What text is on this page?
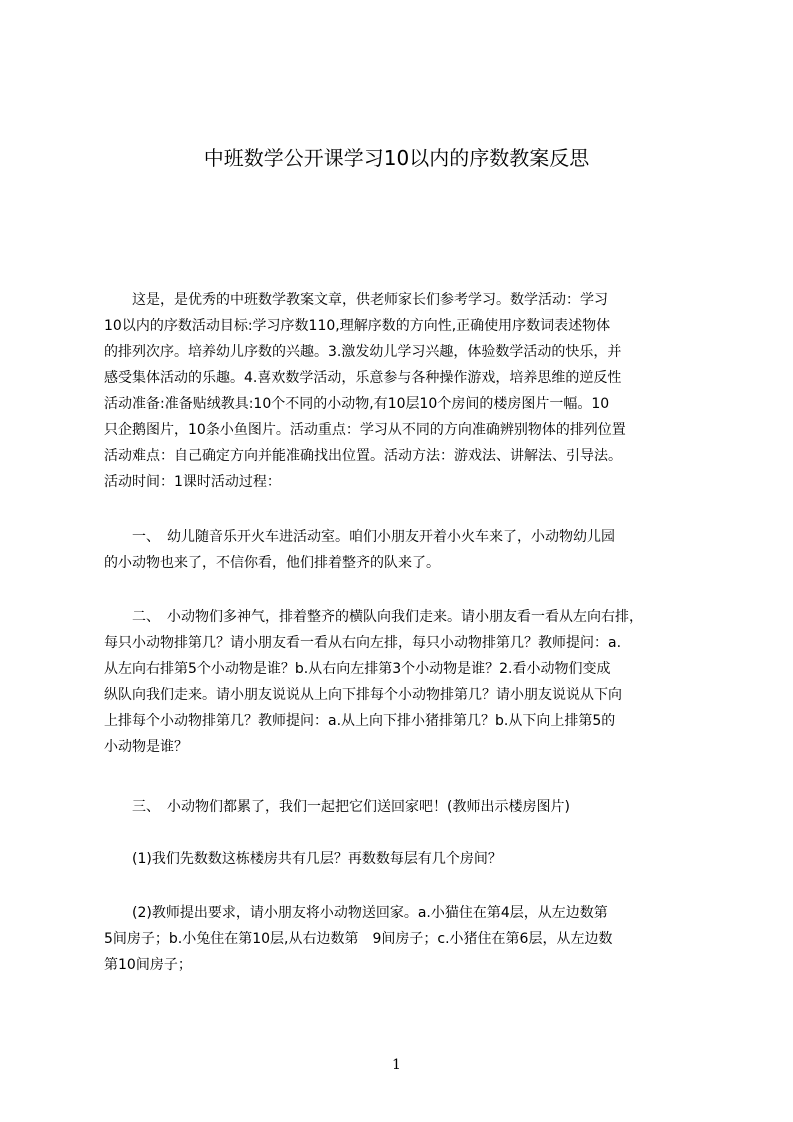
中班数学公开课学习10以内的序数教案反思
　　这是，是优秀的中班数学教案文章，供老师家长们参考学习。数学活动：学习
10以内的序数活动目标:学习序数110,理解序数的方向性,正确使用序数词表述物体
的排列次序。培养幼儿序数的兴趣。3.激发幼儿学习兴趣，体验数学活动的快乐，并
感受集体活动的乐趣。4.喜欢数学活动，乐意参与各种操作游戏，培养思维的逆反性
活动准备:准备贴绒教具:10个不同的小动物,有10层10个房间的楼房图片一幅。10
只企鹅图片，10条小鱼图片。活动重点：学习从不同的方向准确辨别物体的排列位置
活动难点：自己确定方向并能准确找出位置。活动方法：游戏法、讲解法、引导法。
活动时间：1课时活动过程：
　　一、　幼儿随音乐开火车进活动室。咱们小朋友开着小火车来了，小动物幼儿园
的小动物也来了，不信你看，他们排着整齐的队来了。
　　二、　小动物们多神气，排着整齐的横队向我们走来。请小朋友看一看从左向右排，
每只小动物排第几？请小朋友看一看从右向左排，每只小动物排第几？教师提问：a.
从左向右排第5个小动物是谁？b.从右向左排第3个小动物是谁？2.看小动物们变成
纵队向我们走来。请小朋友说说从上向下排每个小动物排第几？请小朋友说说从下向
上排每个小动物排第几？教师提问：a.从上向下排小猪排第几？b.从下向上排第5的
小动物是谁？
　　三、　小动物们都累了，我们一起把它们送回家吧！(教师出示楼房图片)
　　(1)我们先数数这栋楼房共有几层？再数数每层有几个房间？
　　(2)教师提出要求，请小朋友将小动物送回家。a.小猫住在第4层，从左边数第
5间房子；b.小兔住在第10层,从右边数第　9间房子；c.小猪住在第6层，从左边数
第10间房子；
1
